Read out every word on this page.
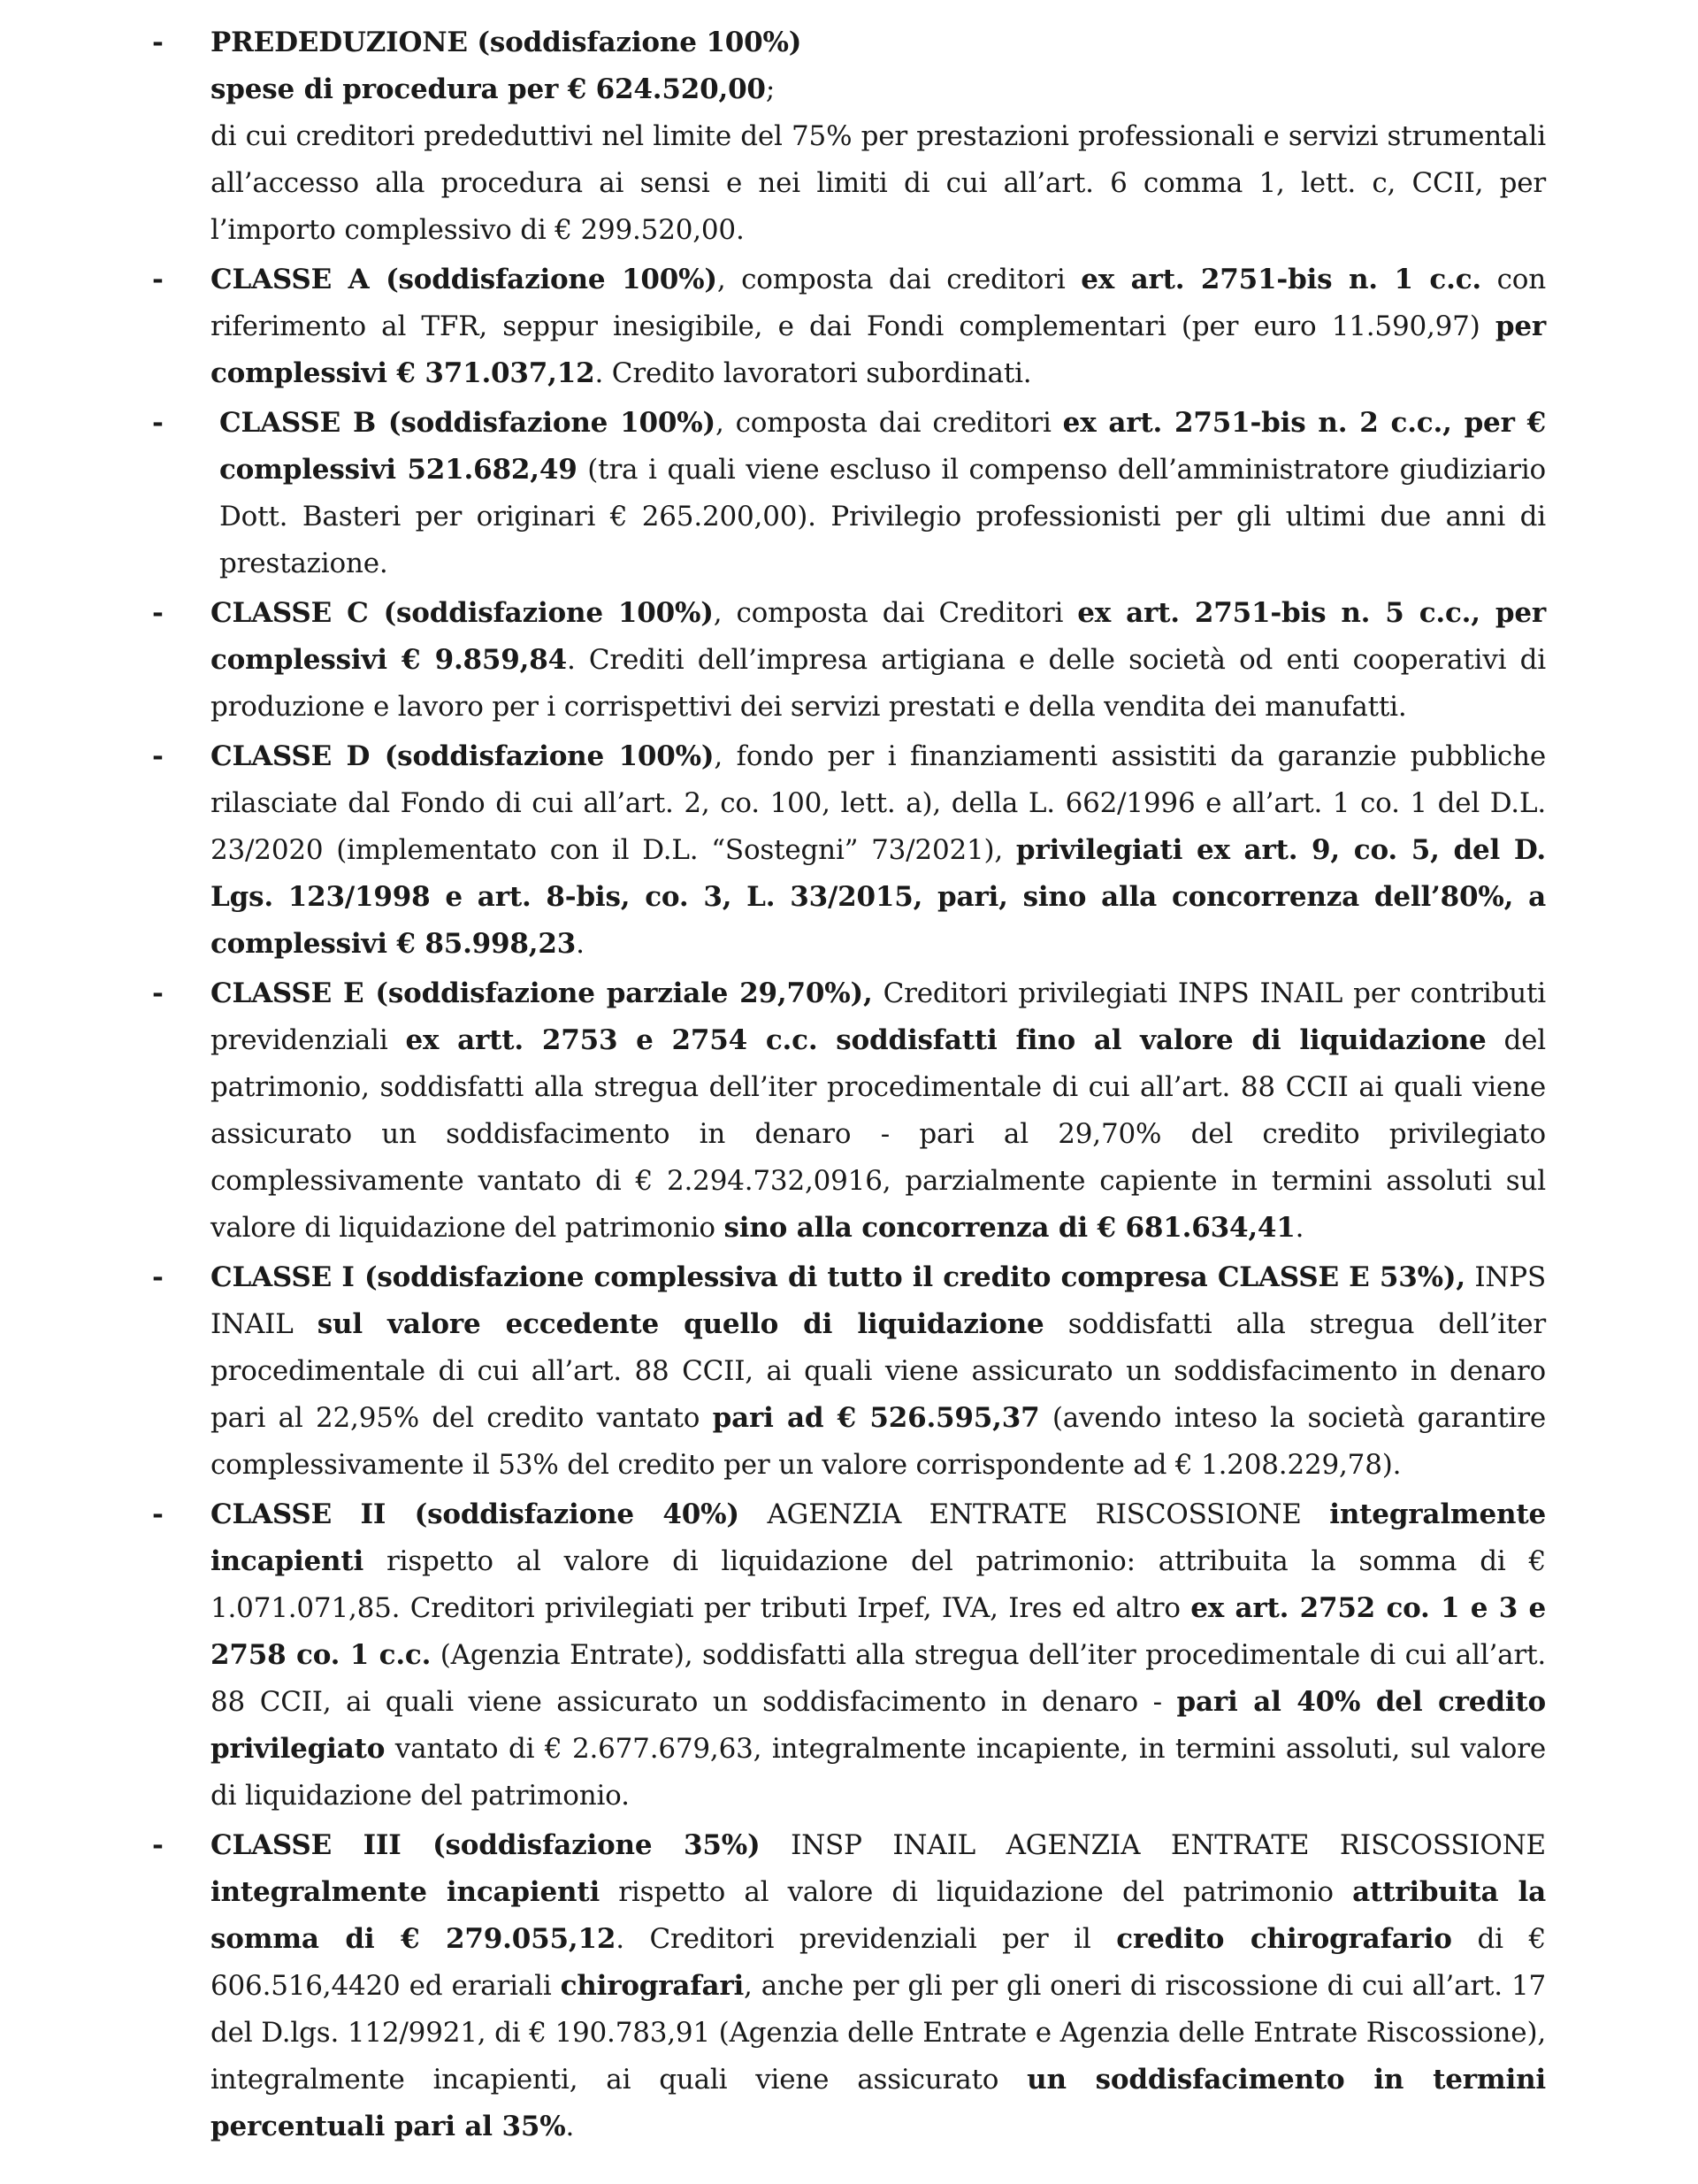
- PREDEDUZIONE (soddisfazione 100%)

spese di procedura per € 624.520,00;

di cui creditori prededuttivi nel limite del 75% per prestazioni professionali e servizi strumentali all’accesso alla procedura ai sensi e nei limiti di cui all’art. 6 comma 1, lett. c, CCII, per l’importo complessivo di € 299.520,00.

- CLASSE A (soddisfazione 100%), composta dai creditori ex art. 2751-bis n. 1 c.c. con riferimento al TFR, seppur inesigibile, e dai Fondi complementari (per euro 11.590,97) per complessivi € 371.037,12. Credito lavoratori subordinati.

- CLASSE B (soddisfazione 100%), composta dai creditori ex art. 2751-bis n. 2 c.c., per € complessivi 521.682,49 (tra i quali viene escluso il compenso dell’amministratore giudiziario Dott. Basteri per originari € 265.200,00). Privilegio professionisti per gli ultimi due anni di prestazione.

- CLASSE C (soddisfazione 100%), composta dai Creditori ex art. 2751-bis n. 5 c.c., per complessivi € 9.859,84. Crediti dell’impresa artigiana e delle società od enti cooperativi di produzione e lavoro per i corrispettivi dei servizi prestati e della vendita dei manufatti.

- CLASSE D (soddisfazione 100%), fondo per i finanziamenti assistiti da garanzie pubbliche rilasciate dal Fondo di cui all’art. 2, co. 100, lett. a), della L. 662/1996 e all’art. 1 co. 1 del D.L. 23/2020 (implementato con il D.L. “Sostegni” 73/2021), privilegiati ex art. 9, co. 5, del D. Lgs. 123/1998 e art. 8-bis, co. 3, L. 33/2015, pari, sino alla concorrenza dell’80%, a complessivi € 85.998,23.

- CLASSE E (soddisfazione parziale 29,70%), Creditori privilegiati INPS INAIL per contributi previdenziali ex artt. 2753 e 2754 c.c. soddisfatti fino al valore di liquidazione del patrimonio, soddisfatti alla stregua dell’iter procedimentale di cui all’art. 88 CCII ai quali viene assicurato un soddisfacimento in denaro - pari al 29,70% del credito privilegiato complessivamente vantato di € 2.294.732,0916, parzialmente capiente in termini assoluti sul valore di liquidazione del patrimonio sino alla concorrenza di € 681.634,41.

- CLASSE I (soddisfazione complessiva di tutto il credito compresa CLASSE E 53%), INPS INAIL sul valore eccedente quello di liquidazione soddisfatti alla stregua dell’iter procedimentale di cui all’art. 88 CCII, ai quali viene assicurato un soddisfacimento in denaro pari al 22,95% del credito vantato pari ad € 526.595,37 (avendo inteso la società garantire complessivamente il 53% del credito per un valore corrispondente ad € 1.208.229,78).

- CLASSE II (soddisfazione 40%) AGENZIA ENTRATE RISCOSSIONE integralmente incapienti rispetto al valore di liquidazione del patrimonio: attribuita la somma di € 1.071.071,85. Creditori privilegiati per tributi Irpef, IVA, Ires ed altro ex art. 2752 co. 1 e 3 e 2758 co. 1 c.c. (Agenzia Entrate), soddisfatti alla stregua dell’iter procedimentale di cui all’art. 88 CCII, ai quali viene assicurato un soddisfacimento in denaro - pari al 40% del credito privilegiato vantato di € 2.677.679,63, integralmente incapiente, in termini assoluti, sul valore di liquidazione del patrimonio.

- CLASSE III (soddisfazione 35%) INSP INAIL AGENZIA ENTRATE RISCOSSIONE integralmente incapienti rispetto al valore di liquidazione del patrimonio attribuita la somma di € 279.055,12. Creditori previdenziali per il credito chirografario di € 606.516,4420 ed erariali chirografari, anche per gli per gli oneri di riscossione di cui all’art. 17 del D.lgs. 112/9921, di € 190.783,91 (Agenzia delle Entrate e Agenzia delle Entrate Riscossione), integralmente incapienti, ai quali viene assicurato un soddisfacimento in termini percentuali pari al 35%.
